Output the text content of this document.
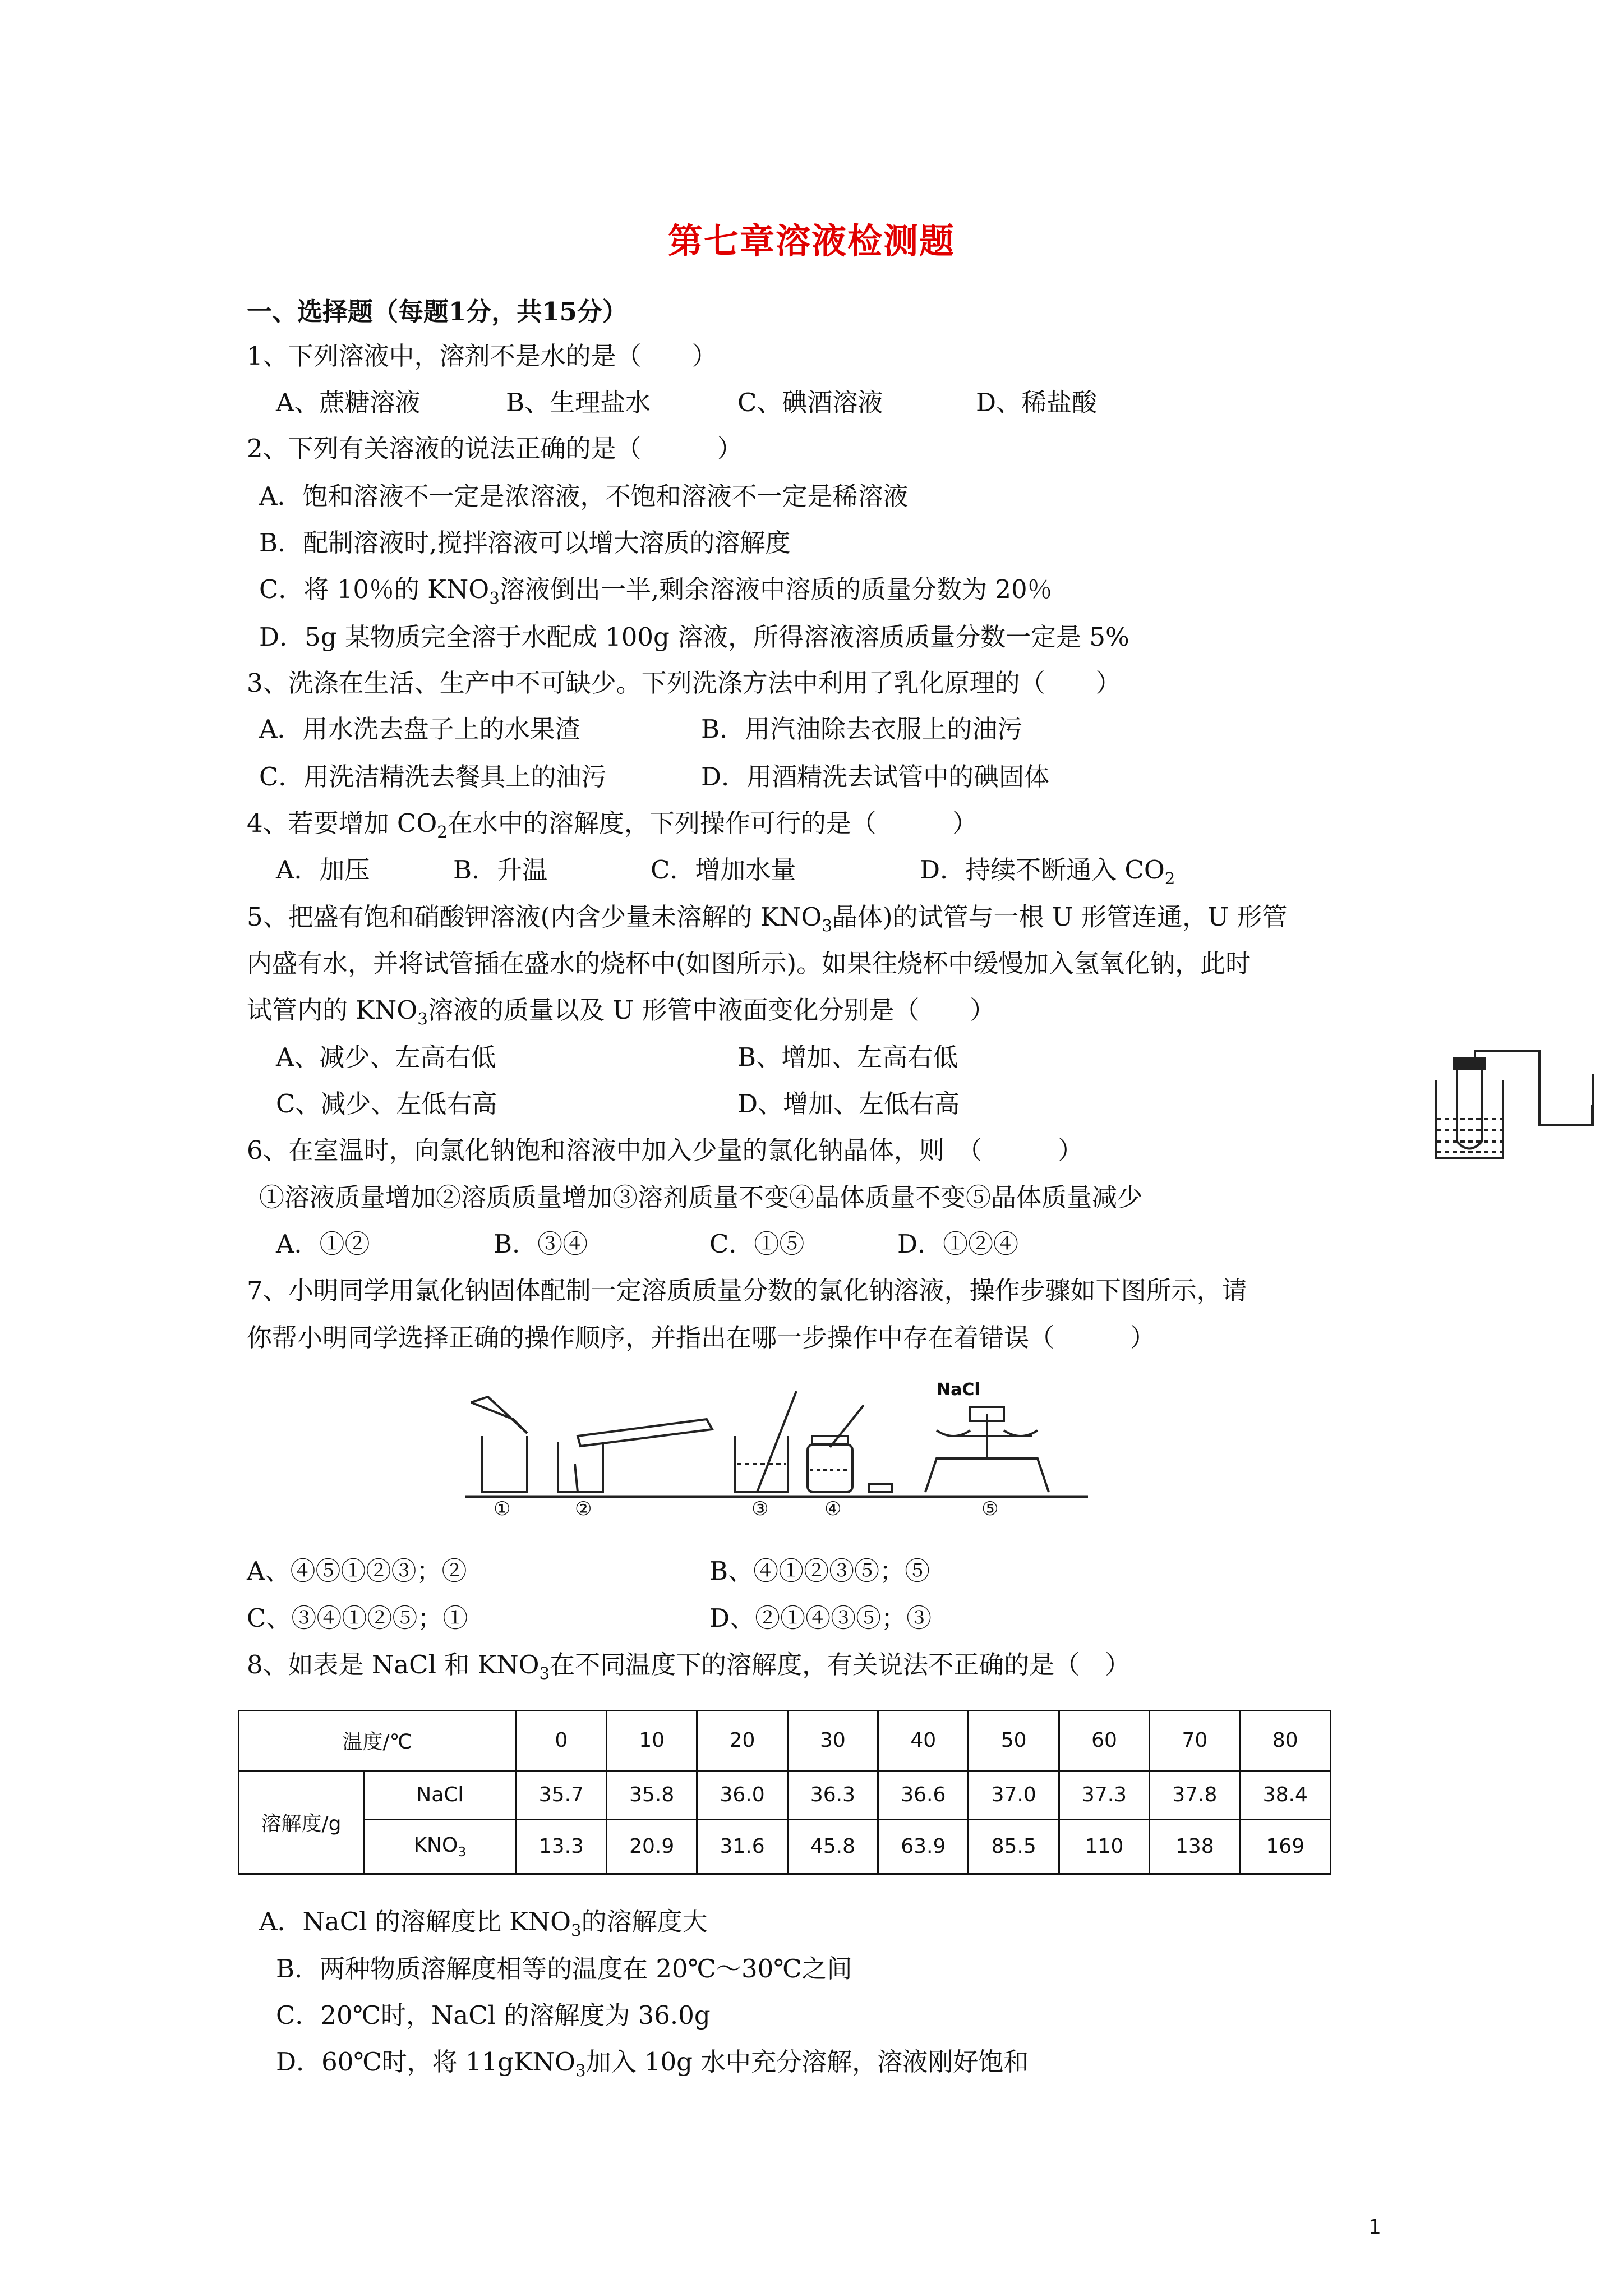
第七章溶液检测题
一、选择题（每题1分，共15分）
1、下列溶液中，溶剂不是水的是（　　）
A、蔗糖溶液	B、生理盐水	C、碘酒溶液	D、稀盐酸
2、下列有关溶液的说法正确的是（　　　）
A．饱和溶液不一定是浓溶液，不饱和溶液不一定是稀溶液
B．配制溶液时,搅拌溶液可以增大溶质的溶解度
C．将 10％的 $KNO_3$溶液倒出一半,剩余溶液中溶质的质量分数为 20％
D．5g 某物质完全溶于水配成 100g 溶液，所得溶液溶质质量分数一定是 5%
3、洗涤在生活、生产中不可缺少。下列洗涤方法中利用了乳化原理的（　　）
A．用水洗去盘子上的水果渣	B．用汽油除去衣服上的油污
C．用洗洁精洗去餐具上的油污	D．用酒精洗去试管中的碘固体
4、若要增加 $CO_2$在水中的溶解度，下列操作可行的是（　　　）
A．加压	B．升温	C．增加水量	D．持续不断通入 $CO_2$
5、把盛有饱和硝酸钾溶液(内含少量未溶解的 $KNO_3$晶体)的试管与一根 U 形管连通，U 形管
内盛有水，并将试管插在盛水的烧杯中(如图所示)。如果往烧杯中缓慢加入氢氧化钠，此时
试管内的 $KNO_3$溶液的质量以及 U 形管中液面变化分别是（　　）
A、减少、左高右低	B、增加、左高右低
C、减少、左低右高	D、增加、左低右高
6、在室温时，向氯化钠饱和溶液中加入少量的氯化钠晶体，则　（　　　）
①溶液质量增加②溶质质量增加③溶剂质量不变④晶体质量不变⑤晶体质量减少
A．①②	B．③④	C．①⑤	D．①②④
7、小明同学用氯化钠固体配制一定溶质质量分数的氯化钠溶液，操作步骤如下图所示，请
你帮小明同学选择正确的操作顺序，并指出在哪一步操作中存在着错误（　　　）
NaCl
①	②	③	④	⑤
A、④⑤①②③；②	B、④①②③⑤；⑤
C、③④①②⑤；①	D、②①④③⑤；③
8、如表是 NaCl 和 $KNO_3$在不同温度下的溶解度，有关说法不正确的是（　）
温度/℃		0	10	20	30	40	50	60	70	80
溶解度/g	NaCl	35.7	35.8	36.0	36.3	36.6	37.0	37.3	37.8	38.4
	$KNO_3$	13.3	20.9	31.6	45.8	63.9	85.5	110	138	169
A．NaCl 的溶解度比 $KNO_3$的溶解度大
B．两种物质溶解度相等的温度在 20℃～30℃之间
C．20℃时，NaCl 的溶解度为 36.0g
D．60℃时，将 11gKNO$_3$加入 10g 水中充分溶解，溶液刚好饱和
1
